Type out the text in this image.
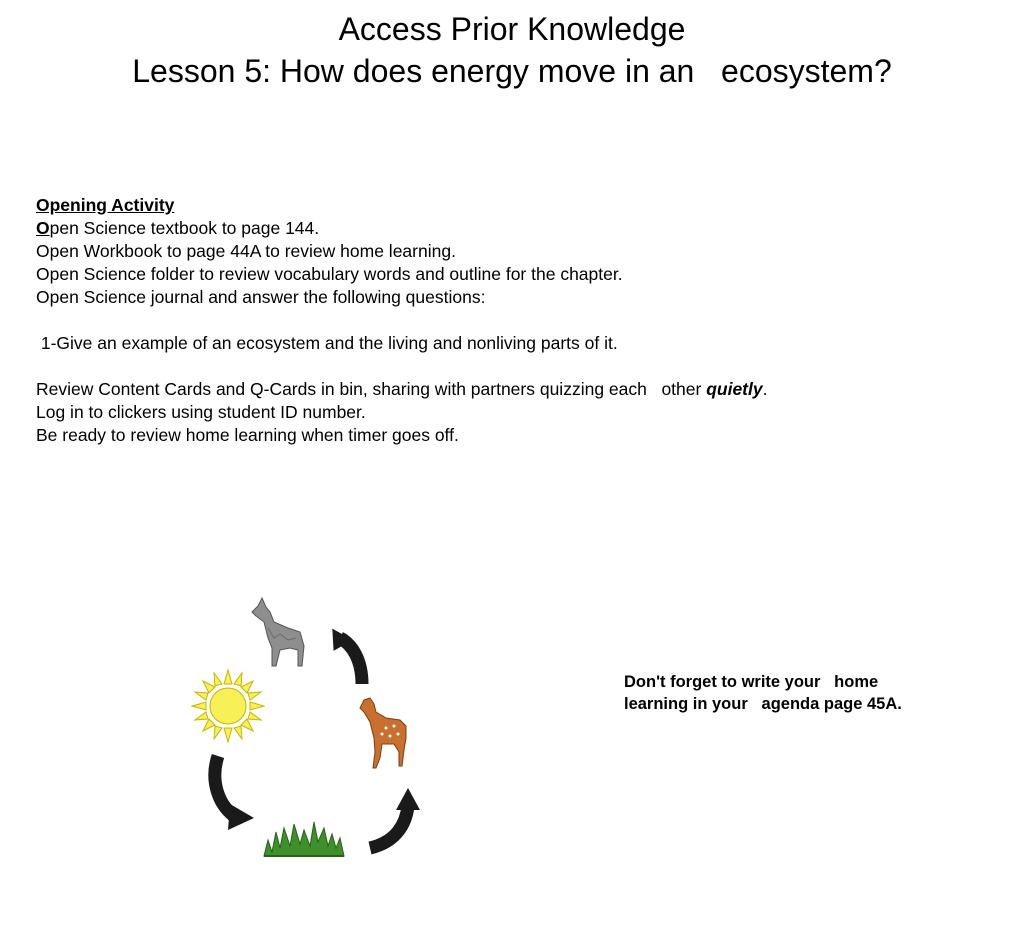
Access Prior Knowledge
Lesson 5: How does energy move in an   ecosystem?
Opening Activity
Open Science textbook to page 144.
Open Workbook to page 44A to review home learning.
Open Science folder to review vocabulary words and outline for the chapter.
Open Science journal and answer the following questions:
1-Give an example of an ecosystem and the living and nonliving parts of it.
Review Content Cards and Q-Cards in bin, sharing with partners quizzing each   other quietly.
Log in to clickers using student ID number.
Be ready to review home learning when timer goes off.
Don't forget to write your   home
learning in your   agenda page 45A.
